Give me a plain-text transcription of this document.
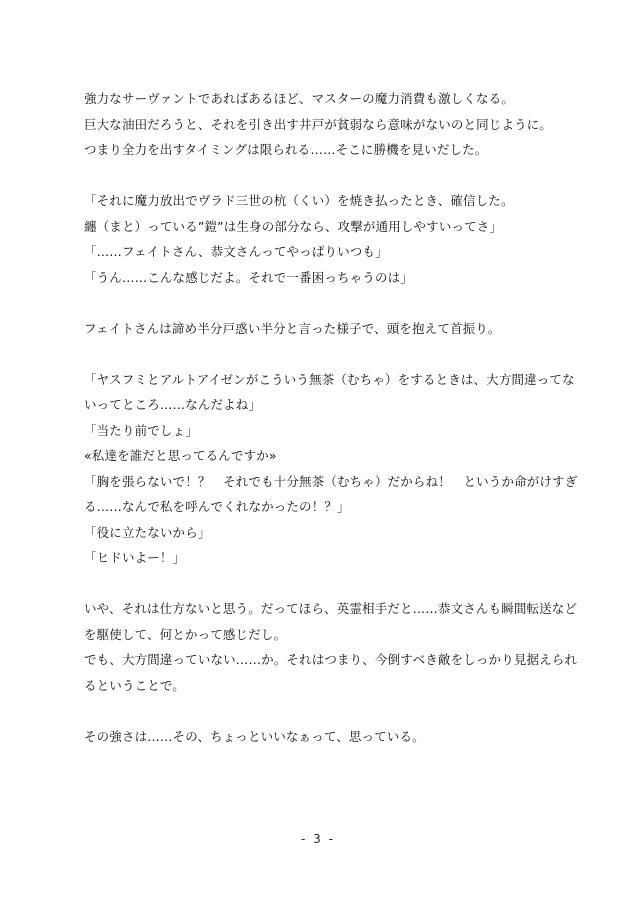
強力なサーヴァントであればあるほど、マスターの魔力消費も激しくなる。
巨大な油田だろうと、それを引き出す井戸が貧弱なら意味がないのと同じように。
つまり全力を出すタイミングは限られる……そこに勝機を見いだした。
「それに魔力放出でヴラド三世の杭（くい）を焼き払ったとき、確信した。
纏（まと）っている”鎧”は生身の部分なら、攻撃が通用しやすいってさ」
「……フェイトさん、恭文さんってやっぱりいつも」
「うん……こんな感じだよ。それで一番困っちゃうのは」
フェイトさんは諦め半分戸惑い半分と言った様子で、頭を抱えて首振り。
「ヤスフミとアルトアイゼンがこういう無茶（むちゃ）をするときは、大方間違ってな
いってところ……なんだよね」
「当たり前でしょ」
«私達を誰だと思ってるんですか»
「胸を張らないで！？　それでも十分無茶（むちゃ）だからね！　というか命がけすぎ
る……なんで私を呼んでくれなかったの！？」
「役に立たないから」
「ヒドいよー！」
いや、それは仕方ないと思う。だってほら、英霊相手だと……恭文さんも瞬間転送など
を駆使して、何とかって感じだし。
でも、大方間違っていない……か。それはつまり、今倒すべき敵をしっかり見据えられ
るということで。
その強さは……その、ちょっといいなぁって、思っている。
- 3 -
